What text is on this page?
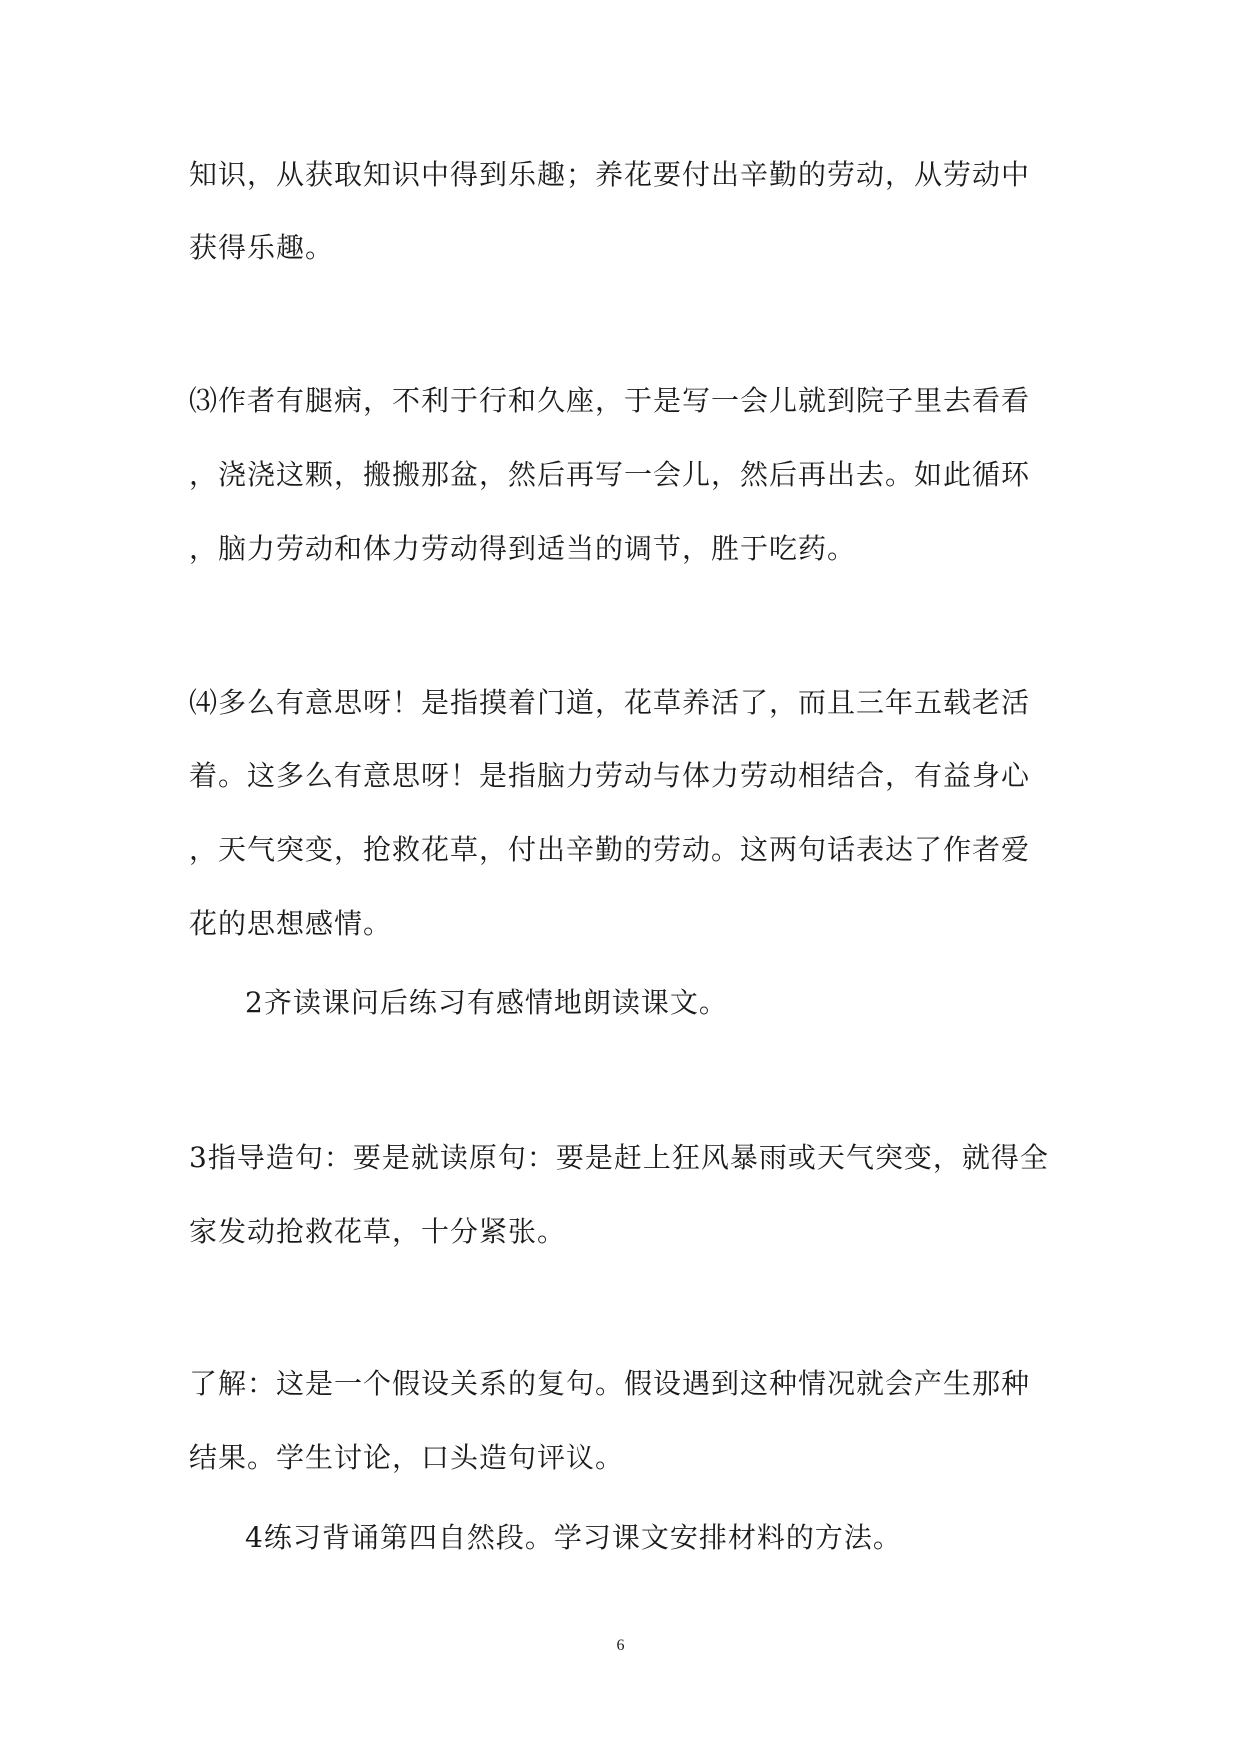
知识，从获取知识中得到乐趣；养花要付出辛勤的劳动，从劳动中
获得乐趣。
⑶作者有腿病，不利于行和久座，于是写一会儿就到院子里去看看
，浇浇这颗，搬搬那盆，然后再写一会儿，然后再出去。如此循环
，脑力劳动和体力劳动得到适当的调节，胜于吃药。
⑷多么有意思呀！是指摸着门道，花草养活了，而且三年五载老活
着。这多么有意思呀！是指脑力劳动与体力劳动相结合，有益身心
，天气突变，抢救花草，付出辛勤的劳动。这两句话表达了作者爱
花的思想感情。
2齐读课问后练习有感情地朗读课文。
3指导造句：要是就读原句：要是赶上狂风暴雨或天气突变，就得全
家发动抢救花草，十分紧张。
了解：这是一个假设关系的复句。假设遇到这种情况就会产生那种
结果。学生讨论，口头造句评议。
4练习背诵第四自然段。学习课文安排材料的方法。
6
